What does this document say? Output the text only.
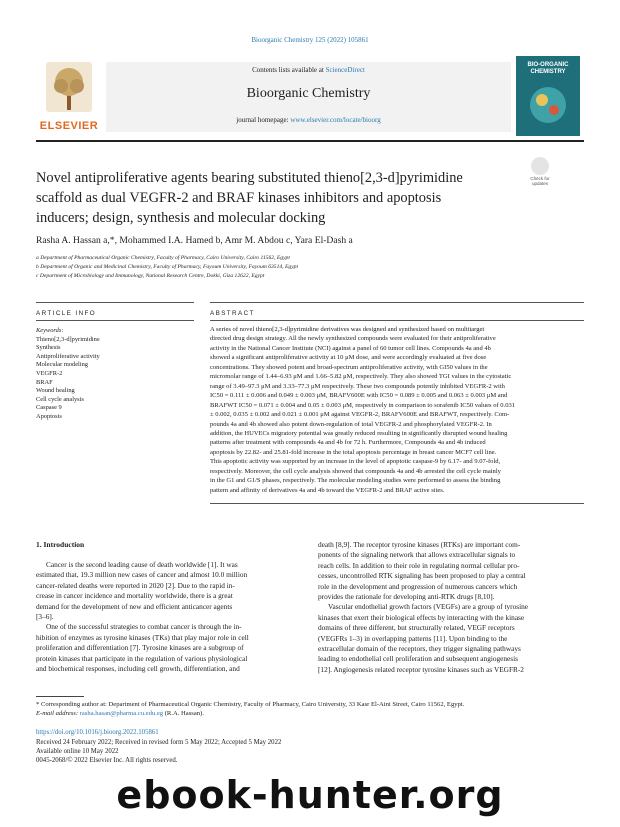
Bioorganic Chemistry 125 (2022) 105861
ELSEVIER
Contents lists available at ScienceDirect
Bioorganic Chemistry
journal homepage: www.elsevier.com/locate/bioorg
BIO-ORGANIC CHEMISTRY
Novel antiproliferative agents bearing substituted thieno[2,3-d]pyrimidine
scaffold as dual VEGFR-2 and BRAF kinases inhibitors and apoptosis
inducers; design, synthesis and molecular docking
Check for updates
Rasha A. Hassan a,*, Mohammed I.A. Hamed b, Amr M. Abdou c, Yara El-Dash a
a Department of Pharmaceutical Organic Chemistry, Faculty of Pharmacy, Cairo University, Cairo 11562, Egypt
b Department of Organic and Medicinal Chemistry, Faculty of Pharmacy, Fayoum University, Fayoum 63514, Egypt
c Department of Microbiology and Immunology, National Research Centre, Dokki, Giza 12622, Egypt
ARTICLE INFO	ABSTRACT
Keywords:
Thieno[2,3-d]pyrimidine
Synthesis
Antiproliferative activity
Molecular modeling
VEGFR-2
BRAF
Wound healing
Cell cycle analysis
Caspase 9
Apoptosis
A series of novel thieno[2,3-d]pyrimidine derivatives was designed and synthesized based on multitarget
directed drug design strategy. All the newly synthesized compounds were evaluated for their antiproliferative
activity in the National Cancer Institute (NCI) against a panel of 60 tumor cell lines. Compounds 4a and 4b
showed a significant antiproliferative activity at 10 μM dose, and were accordingly evaluated at five dose
concentrations. They showed potent and broad-spectrum antiproliferative activity, with GI50 values in the
micromolar range of 1.44–6.93 μM and 1.66–5.82 μM, respectively. They also showed TGI values in the cytostatic
range of 3.49–97.3 μM and 3.33–77.3 μM respectively. These two compounds potently inhibited VEGFR-2 with
IC50 = 0.111 ± 0.006 and 0.049 ± 0.003 μM, BRAFV600E with IC50 = 0.089 ± 0.005 and 0.063 ± 0.003 μM and
BRAFWT IC50 = 0.071 ± 0.004 and 0.05 ± 0.003 μM, respectively in comparison to sorafenib IC50 values of 0.031
± 0.002, 0.035 ± 0.002 and 0.021 ± 0.001 μM against VEGFR-2, BRAFV600E and BRAFWT, respectively. Com-
pounds 4a and 4b showed also potent down-regulation of total VEGFR-2 and phosphorylated VEGFR-2. In
addition, the HUVECs migratory potential was greatly reduced resulting in significantly disrupted wound healing
patterns after treatment with compounds 4a and 4b for 72 h. Furthermore, Compounds 4a and 4b induced
apoptosis by 22.82- and 25.81-fold increase in the total apoptosis percentage in breast cancer MCF7 cell line.
This apoptotic activity was supported by an increase in the level of apoptotic caspase-9 by 6.17- and 9.07-fold,
respectively. Moreover, the cell cycle analysis showed that compounds 4a and 4b arrested the cell cycle mainly
in the G1 and G1/S phases, respectively. The molecular modeling studies were performed to assess the binding
pattern and affinity of derivatives 4a and 4b toward the VEGFR-2 and BRAF active sites.
1. Introduction
Cancer is the second leading cause of death worldwide [1]. It was
estimated that, 19.3 million new cases of cancer and almost 10.0 million
cancer-related deaths were reported in 2020 [2]. Due to the rapid in-
crease in cancer incidence and mortality worldwide, there is a great
demand for the development of new and efficient anticancer agents
[3–6].
One of the successful strategies to combat cancer is through the in-
hibition of enzymes as tyrosine kinases (TKs) that play major role in cell
proliferation and differentiation [7]. Tyrosine kinases are a subgroup of
protein kinases that participate in the regulation of various physiological
and biochemical responses, including cell growth, differentiation, and
death [8,9]. The receptor tyrosine kinases (RTKs) are important com-
ponents of the signaling network that allows extracellular signals to
reach cells. In addition to their role in regulating normal cellular pro-
cesses, uncontrolled RTK signaling has been proposed to play a central
role in the development and progression of numerous cancers which
provides the rationale for developing anti-RTK drugs [8,10].
Vascular endothelial growth factors (VEGFs) are a group of tyrosine
kinases that exert their biological effects by interacting with the kinase
domains of three different, but structurally related, VEGF receptors
(VEGFRs 1–3) in overlapping patterns [11]. Upon binding to the
extracellular domain of the receptors, they trigger signaling pathways
leading to endothelial cell proliferation and subsequent angiogenesis
[12]. Angiogenesis related receptor tyrosine kinases such as VEGFR-2
* Corresponding author at: Department of Pharmaceutical Organic Chemistry, Faculty of Pharmacy, Cairo University, 33 Kasr El-Aini Street, Cairo 11562, Egypt.
E-mail address: rasha.hasan@pharma.cu.edu.eg (R.A. Hassan).
https://doi.org/10.1016/j.bioorg.2022.105861
Received 24 February 2022; Received in revised form 5 May 2022; Accepted 5 May 2022
Available online 10 May 2022
0045-2068/© 2022 Elsevier Inc. All rights reserved.
ebook-hunter.org
